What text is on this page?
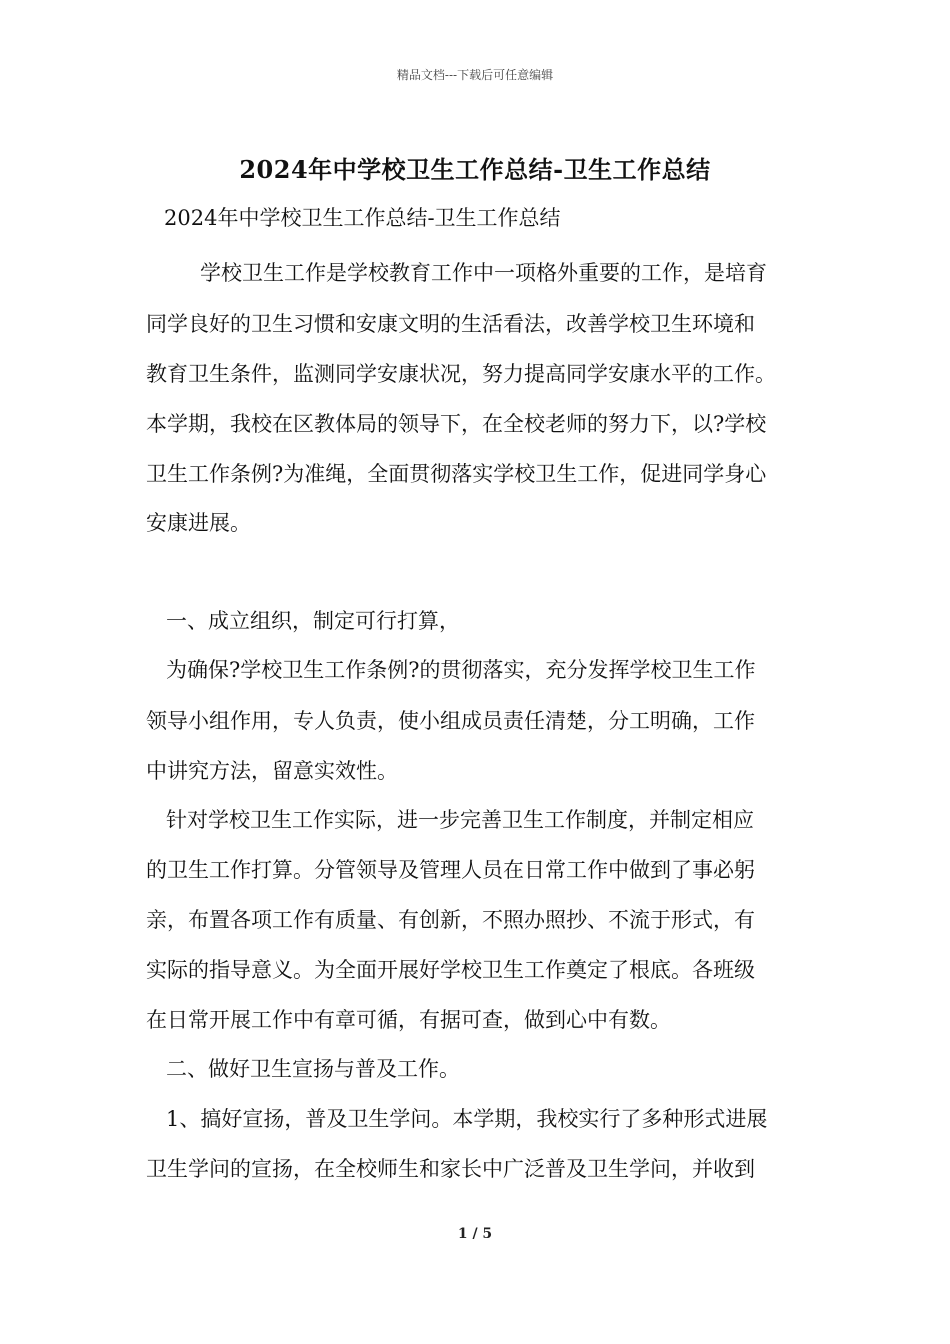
精品文档---下载后可任意编辑
2024年中学校卫生工作总结-卫生工作总结
2024年中学校卫生工作总结-卫生工作总结
学校卫生工作是学校教育工作中一项格外重要的工作，是培育
同学良好的卫生习惯和安康文明的生活看法，改善学校卫生环境和
教育卫生条件，监测同学安康状况，努力提高同学安康水平的工作。
本学期，我校在区教体局的领导下，在全校老师的努力下，以?学校
卫生工作条例?为准绳，全面贯彻落实学校卫生工作，促进同学身心
安康进展。
一、成立组织，制定可行打算，
为确保?学校卫生工作条例?的贯彻落实，充分发挥学校卫生工作
领导小组作用，专人负责，使小组成员责任清楚，分工明确，工作
中讲究方法，留意实效性。
针对学校卫生工作实际，进一步完善卫生工作制度，并制定相应
的卫生工作打算。分管领导及管理人员在日常工作中做到了事必躬
亲，布置各项工作有质量、有创新，不照办照抄、不流于形式，有
实际的指导意义。为全面开展好学校卫生工作奠定了根底。各班级
在日常开展工作中有章可循，有据可查，做到心中有数。
二、做好卫生宣扬与普及工作。
1、搞好宣扬，普及卫生学问。本学期，我校实行了多种形式进展
卫生学问的宣扬，在全校师生和家长中广泛普及卫生学问，并收到
1 / 5
